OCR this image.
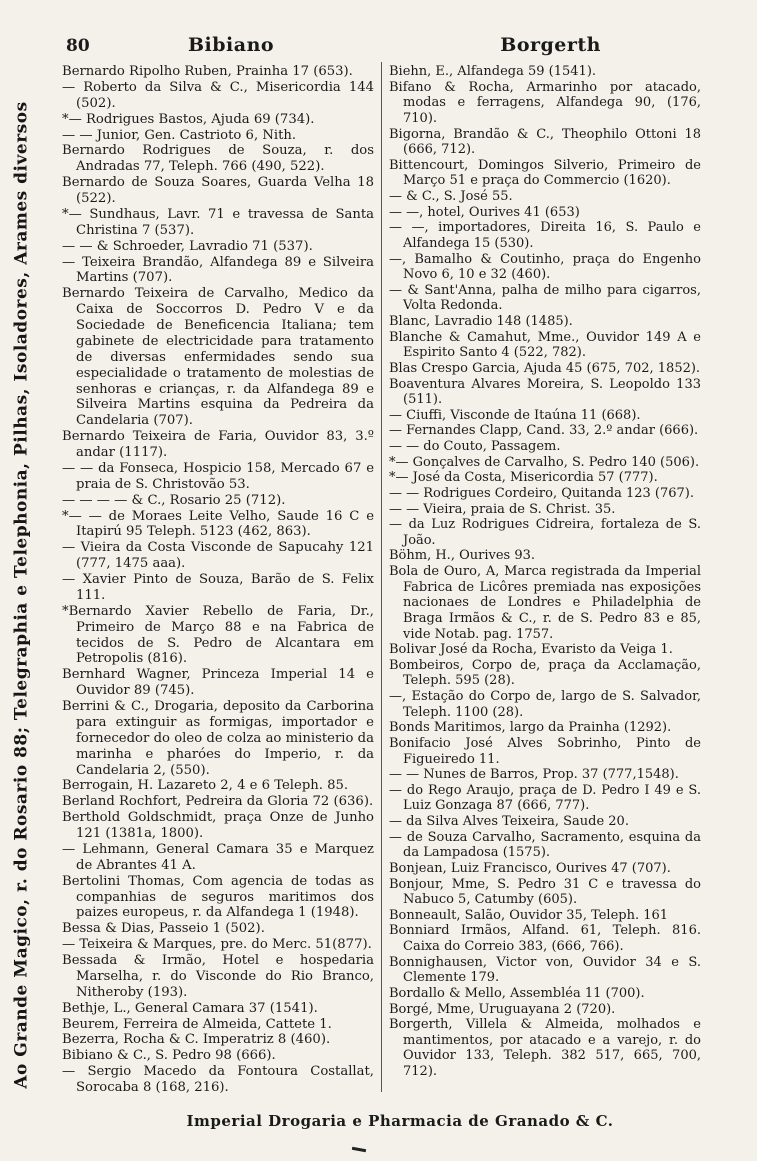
Ao Grande Magico, r. do Rosario 88; Telegraphia e Telephonia, Pilhas, Isoladores, Arames diversos
80	Bibiano	Borgerth

Bernardo Ripolho Ruben, Prainha 17 (653).

— Roberto da Silva & C., Misericordia 144 (502).

*— Rodrigues Bastos, Ajuda 69 (734).

— — Junior, Gen. Castrioto 6, Nith.

Bernardo Rodrigues de Souza, r. dos Andradas 77, Teleph. 766 (490, 522).

Bernardo de Souza Soares, Guarda Velha 18 (522).

*— Sundhaus, Lavr. 71 e travessa de Santa Christina 7 (537).

— — & Schroeder, Lavradio 71 (537).

— Teixeira Brandão, Alfandega 89 e Silveira Martins (707).

Bernardo Teixeira de Carvalho, Medico da Caixa de Soccorros D. Pedro V e da Sociedade de Beneficencia Italiana; tem gabinete de electricidade para tratamento de diversas enfermidades sendo sua especialidade o tratamento de molestias de senhoras e crianças, r. da Alfandega 89 e Silveira Martins esquina da Pedreira da Candelaria (707).

Bernardo Teixeira de Faria, Ouvidor 83, 3.º andar (1117).

— — da Fonseca, Hospicio 158, Mercado 67 e praia de S. Christovão 53.

— — — — & C., Rosario 25 (712).

*— — de Moraes Leite Velho, Saude 16 C e Itapirú 95 Teleph. 5123 (462, 863).

— Vieira da Costa Visconde de Sapucahy 121 (777, 1475 aaa).

— Xavier Pinto de Souza, Barão de S. Felix 111.

*Bernardo Xavier Rebello de Faria, Dr., Primeiro de Março 88 e na Fabrica de tecidos de S. Pedro de Alcantara em Petropolis (816).

Bernhard Wagner, Princeza Imperial 14 e Ouvidor 89 (745).

Berrini & C., Drogaria, deposito da Carborina para extinguir as formigas, importador e fornecedor do oleo de colza ao ministerio da marinha e pharóes do Imperio, r. da Candelaria 2, (550).

Berrogain, H. Lazareto 2, 4 e 6 Teleph. 85.

Berland Rochfort, Pedreira da Gloria 72 (636).

Berthold Goldschmidt, praça Onze de Junho 121 (1381a, 1800).

— Lehmann, General Camara 35 e Marquez de Abrantes 41 A.

Bertolini Thomas, Com agencia de todas as companhias de seguros maritimos dos paizes europeus, r. da Alfandega 1 (1948).

Bessa & Dias, Passeio 1 (502).

— Teixeira & Marques, pre. do Merc. 51(877).

Bessada & Irmão, Hotel e hospedaria Marselha, r. do Visconde do Rio Branco, Nitheroby (193).

Bethje, L., General Camara 37 (1541).

Beurem, Ferreira de Almeida, Cattete 1.

Bezerra, Rocha & C. Imperatriz 8 (460).

Bibiano & C., S. Pedro 98 (666).

— Sergio Macedo da Fontoura Costallat, Sorocaba 8 (168, 216).

Biehn, E., Alfandega 59 (1541).

Bifano & Rocha, Armarinho por atacado, modas e ferragens, Alfandega 90, (176, 710).

Bigorna, Brandão & C., Theophilo Ottoni 18 (666, 712).

Bittencourt, Domingos Silverio, Primeiro de Março 51 e praça do Commercio (1620).

— & C., S. José 55.

— —, hotel, Ourives 41 (653)

— —, importadores, Direita 16, S. Paulo e Alfandega 15 (530).

—, Bamalho & Coutinho, praça do Engenho Novo 6, 10 e 32 (460).

— & Sant'Anna, palha de milho para cigarros, Volta Redonda.

Blanc, Lavradio 148 (1485).

Blanche & Camahut, Mme., Ouvidor 149 A e Espirito Santo 4 (522, 782).

Blas Crespo Garcia, Ajuda 45 (675, 702, 1852).

Boaventura Alvares Moreira, S. Leopoldo 133 (511).

— Ciuffi, Visconde de Itaúna 11 (668).

— Fernandes Clapp, Cand. 33, 2.º andar (666).

— — do Couto, Passagem.

*— Gonçalves de Carvalho, S. Pedro 140 (506).

*— José da Costa, Misericordia 57 (777).

— — Rodrigues Cordeiro, Quitanda 123 (767).

— — Vieira, praia de S. Christ. 35.

— da Luz Rodrigues Cidreira, fortaleza de S. João.

Böhm, H., Ourives 93.

Bola de Ouro, A, Marca registrada da Imperial Fabrica de Licôres premiada nas exposições nacionaes de Londres e Philadelphia de Braga Irmãos & C., r. de S. Pedro 83 e 85, vide Notab. pag. 1757.

Bolivar José da Rocha, Evaristo da Veiga 1.

Bombeiros, Corpo de, praça da Acclamação, Teleph. 595 (28).

—, Estação do Corpo de, largo de S. Salvador, Teleph. 1100 (28).

Bonds Maritimos, largo da Prainha (1292).

Bonifacio José Alves Sobrinho, Pinto de Figueiredo 11.

— — Nunes de Barros, Prop. 37 (777,1548).

— do Rego Araujo, praça de D. Pedro I 49 e S. Luiz Gonzaga 87 (666, 777).

— da Silva Alves Teixeira, Saude 20.

— de Souza Carvalho, Sacramento, esquina da da Lampadosa (1575).

Bonjean, Luiz Francisco, Ourives 47 (707).

Bonjour, Mme, S. Pedro 31 C e travessa do Nabuco 5, Catumby (605).

Bonneault, Salão, Ouvidor 35, Teleph. 161

Bonniard Irmãos, Alfand. 61, Teleph. 816. Caixa do Correio 383, (666, 766).

Bonnighausen, Victor von, Ouvidor 34 e S. Clemente 179.

Bordallo & Mello, Assembléa 11 (700).

Borgé, Mme, Uruguayana 2 (720).

Borgerth, Villela & Almeida, molhados e mantimentos, por atacado e a varejo, r. do Ouvidor 133, Teleph. 382 517, 665, 700, 712).

Imperial Drogaria e Pharmacia de Granado & C.
